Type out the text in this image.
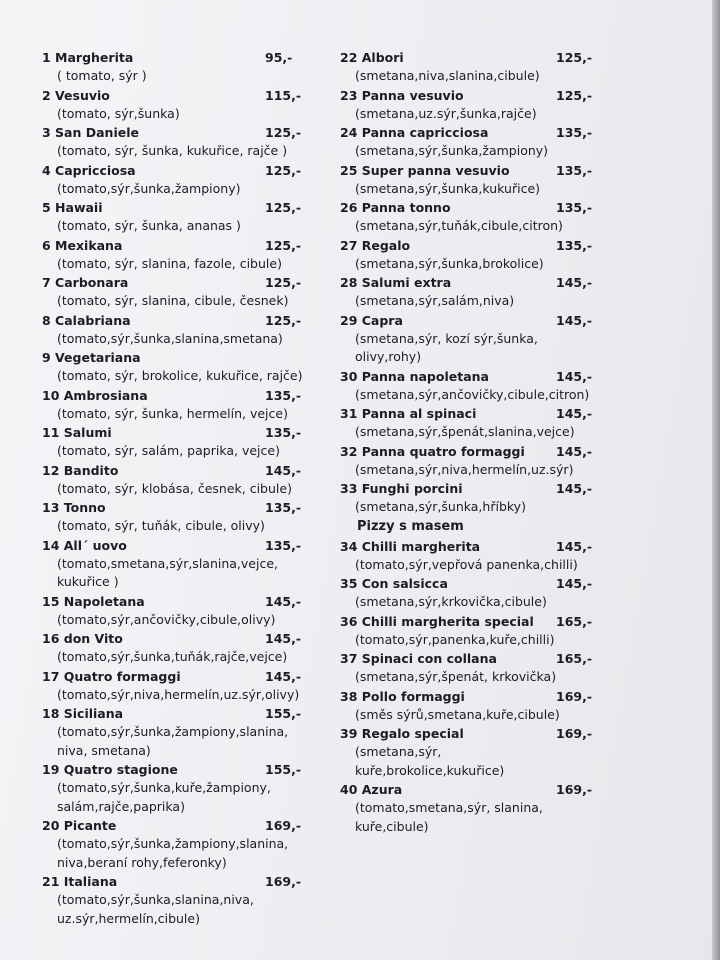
1 Margherita	95,-
( tomato, sýr )
2 Vesuvio	115,-
(tomato, sýr,šunka)
3 San Daniele	125,-
(tomato, sýr, šunka, kukuřice, rajče )
4 Capricciosa	125,-
(tomato,sýr,šunka,žampiony)
5 Hawaii	125,-
(tomato, sýr, šunka, ananas )
6 Mexikana	125,-
(tomato, sýr, slanina, fazole, cibule)
7 Carbonara	125,-
(tomato, sýr, slanina, cibule, česnek)
8 Calabriana	125,-
(tomato,sýr,šunka,slanina,smetana)
9 Vegetariana
(tomato, sýr, brokolice, kukuřice, rajče)
10 Ambrosiana	135,-
(tomato, sýr, šunka, hermelín, vejce)
11 Salumi	135,-
(tomato, sýr, salám, paprika, vejce)
12 Bandito	145,-
(tomato, sýr, klobása, česnek, cibule)
13 Tonno	135,-
(tomato, sýr, tuňák, cibule, olivy)
14 All´ uovo	135,-
(tomato,smetana,sýr,slanina,vejce,
kukuřice )
15 Napoletana	145,-
(tomato,sýr,ančovičky,cibule,olivy)
16 don Vito	145,-
(tomato,sýr,šunka,tuňák,rajče,vejce)
17 Quatro formaggi	145,-
(tomato,sýr,niva,hermelín,uz.sýr,olivy)
18 Siciliana	155,-
(tomato,sýr,šunka,žampiony,slanina,
niva, smetana)
19 Quatro stagione	155,-
(tomato,sýr,šunka,kuře,žampiony,
salám,rajče,paprika)
20 Picante	169,-
(tomato,sýr,šunka,žampiony,slanina,
niva,beraní rohy,feferonky)
21 Italiana	169,-
(tomato,sýr,šunka,slanina,niva,
uz.sýr,hermelín,cibule)
22 Albori	125,-
(smetana,niva,slanina,cibule)
23 Panna vesuvio	125,-
(smetana,uz.sýr,šunka,rajče)
24 Panna capricciosa	135,-
(smetana,sýr,šunka,žampiony)
25 Super panna vesuvio	135,-
(smetana,sýr,šunka,kukuřice)
26 Panna tonno	135,-
(smetana,sýr,tuňák,cibule,citron)
27 Regalo	135,-
(smetana,sýr,šunka,brokolice)
28 Salumi extra	145,-
(smetana,sýr,salám,niva)
29 Capra	145,-
(smetana,sýr, kozí sýr,šunka, olivy,rohy)
30 Panna napoletana	145,-
(smetana,sýr,ančovičky,cibule,citron)
31 Panna al spinaci	145,-
(smetana,sýr,špenát,slanina,vejce)
32 Panna quatro formaggi	145,-
(smetana,sýr,niva,hermelín,uz.sýr)
33 Funghi porcini	145,-
(smetana,sýr,šunka,hříbky)
Pizzy s masem
34 Chilli margherita	145,-
(tomato,sýr,vepřová panenka,chilli)
35 Con salsicca	145,-
(smetana,sýr,krkovička,cibule)
36 Chilli margherita special	165,-
(tomato,sýr,panenka,kuře,chilli)
37 Spinaci con collana	165,-
(smetana,sýr,špenát, krkovička)
38 Pollo formaggi	169,-
(směs sýrů,smetana,kuře,cibule)
39 Regalo special	169,-
(smetana,sýr, kuře,brokolice,kukuřice)
40 Azura	169,-
(tomato,smetana,sýr, slanina,
kuře,cibule)
